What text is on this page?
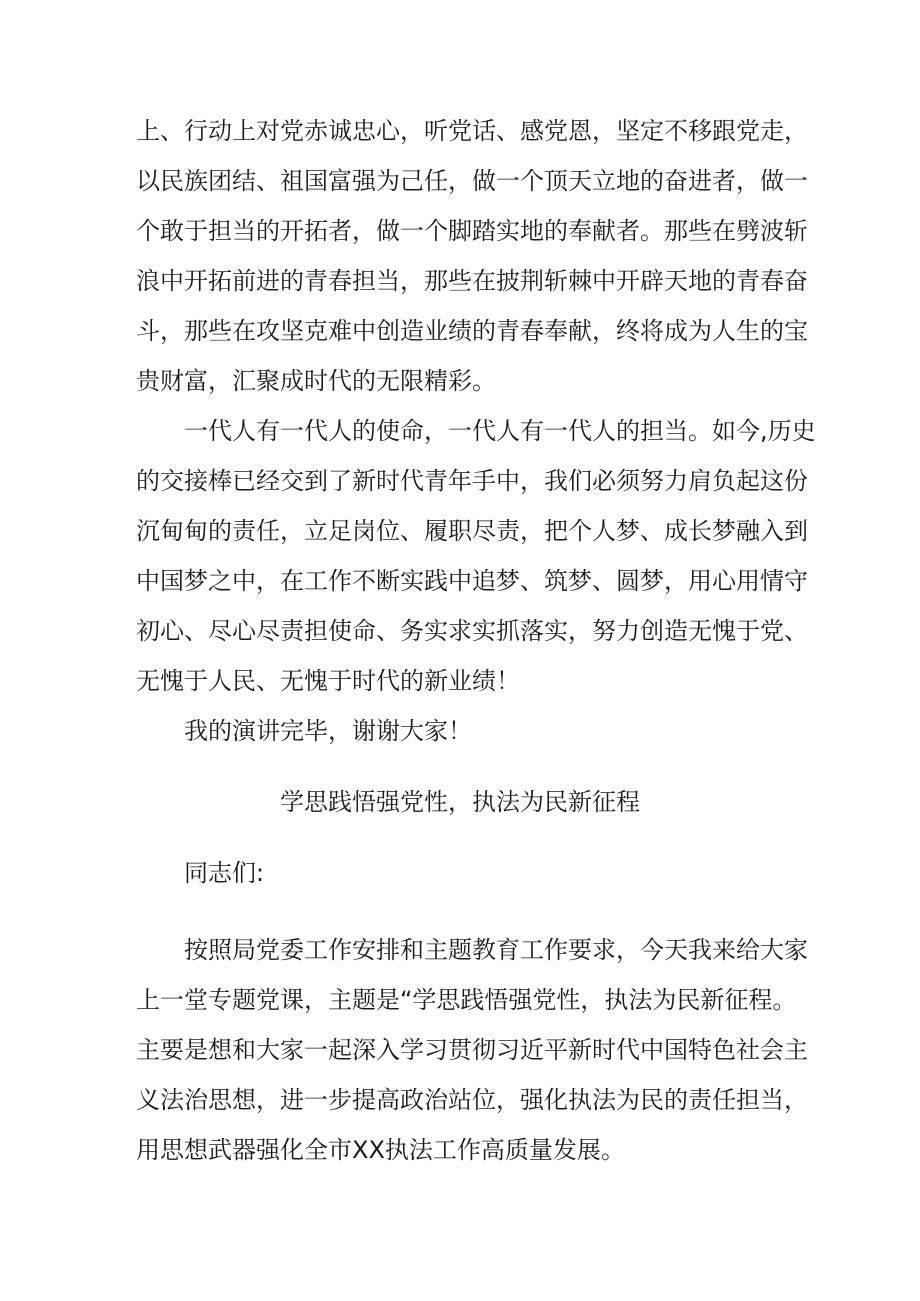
上、行动上对党赤诚忠心，听党话、感党恩，坚定不移跟党走，
以民族团结、祖国富强为己任，做一个顶天立地的奋进者，做一
个敢于担当的开拓者，做一个脚踏实地的奉献者。那些在劈波斩
浪中开拓前进的青春担当，那些在披荆斩棘中开辟天地的青春奋
斗，那些在攻坚克难中创造业绩的青春奉献，终将成为人生的宝
贵财富，汇聚成时代的无限精彩。
一代人有一代人的使命，一代人有一代人的担当。如今,历史
的交接棒已经交到了新时代青年手中，我们必须努力肩负起这份
沉甸甸的责任，立足岗位、履职尽责，把个人梦、成长梦融入到
中国梦之中，在工作不断实践中追梦、筑梦、圆梦，用心用情守
初心、尽心尽责担使命、务实求实抓落实，努力创造无愧于党、
无愧于人民、无愧于时代的新业绩！
我的演讲完毕，谢谢大家！
学思践悟强党性，执法为民新征程
同志们:
按照局党委工作安排和主题教育工作要求，今天我来给大家
上一堂专题党课，主题是“学思践悟强党性，执法为民新征程。
主要是想和大家一起深入学习贯彻习近平新时代中国特色社会主
义法治思想，进一步提高政治站位，强化执法为民的责任担当，
用思想武器强化全市XX执法工作高质量发展。
